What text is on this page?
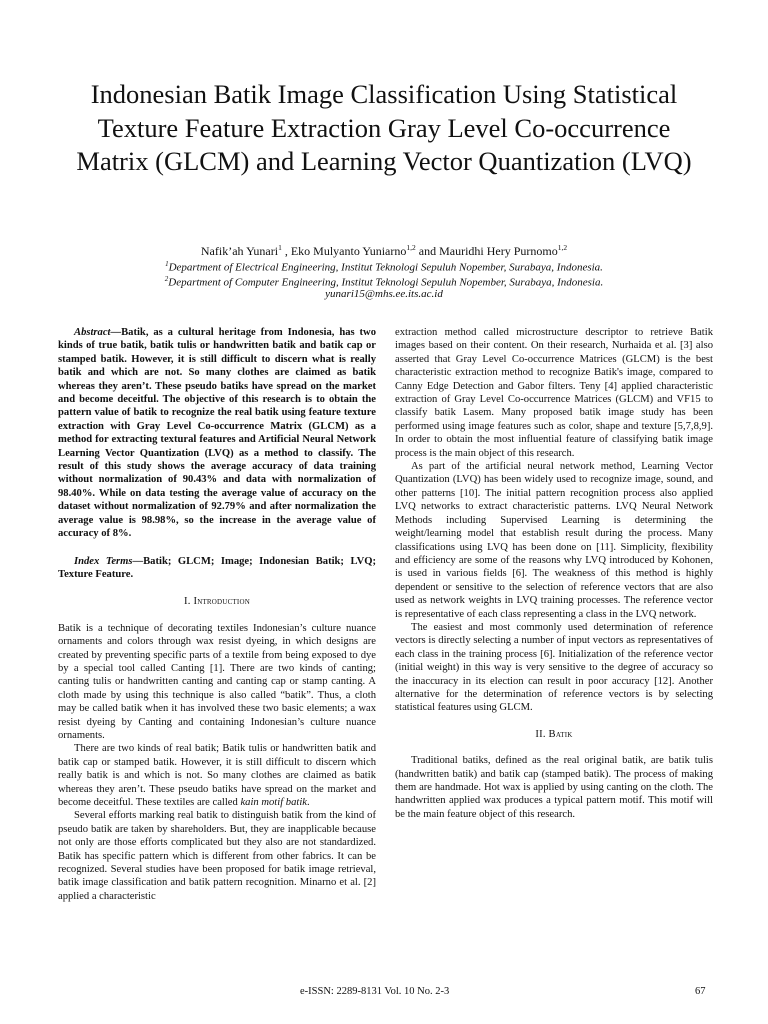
Indonesian Batik Image Classification Using Statistical Texture Feature Extraction Gray Level Co-occurrence Matrix (GLCM) and Learning Vector Quantization (LVQ)
Nafik’ah Yunari$^1$ , Eko Mulyanto Yuniarno$^{1,2}$ and Mauridhi Hery Purnomo$^{1,2}$
$^1$Department of Electrical Engineering, Institut Teknologi Sepuluh Nopember, Surabaya, Indonesia.
$^2$Department of Computer Engineering, Institut Teknologi Sepuluh Nopember, Surabaya, Indonesia.
yunari15@mhs.ee.its.ac.id

Abstract—Batik, as a cultural heritage from Indonesia, has two kinds of true batik, batik tulis or handwritten batik and batik cap or stamped batik. However, it is still difficult to discern what is really batik and which are not. So many clothes are claimed as batik whereas they aren’t. These pseudo batiks have spread on the market and become deceitful. The objective of this research is to obtain the pattern value of batik to recognize the real batik using feature texture extraction with Gray Level Co-occurrence Matrix (GLCM) as a method for extracting textural features and Artificial Neural Network Learning Vector Quantization (LVQ) as a method to classify. The result of this study shows the average accuracy of data training without normalization of 90.43% and data with normalization of 98.40%. While on data testing the average value of accuracy on the dataset without normalization of 92.79% and after normalization the average value is 98.98%, so the increase in the average value of accuracy of 8%.

Index Terms—Batik; GLCM; Image; Indonesian Batik; LVQ; Texture Feature.

I. Introduction

Batik is a technique of decorating textiles Indonesian’s culture nuance ornaments and colors through wax resist dyeing, in which designs are created by preventing specific parts of a textile from being exposed to dye by a special tool called Canting [1]. There are two kinds of canting; canting tulis or handwritten canting and canting cap or stamp canting. A cloth made by using this technique is also called “batik”. Thus, a cloth may be called batik when it has involved these two basic elements; a wax resist dyeing by Canting and containing Indonesian’s culture nuance ornaments.

There are two kinds of real batik; Batik tulis or handwritten batik and batik cap or stamped batik. However, it is still difficult to discern which really batik is and which is not. So many clothes are claimed as batik whereas they aren’t. These pseudo batiks have spread on the market and become deceitful. These textiles are called kain motif batik.

Several efforts marking real batik to distinguish batik from the kind of pseudo batik are taken by shareholders. But, they are inapplicable because not only are those efforts complicated but they also are not standardized. Batik has specific pattern which is different from other fabrics. It can be recognized. Several studies have been proposed for batik image retrieval, batik image classification and batik pattern recognition. Minarno et al. [2] applied a characteristic

extraction method called microstructure descriptor to retrieve Batik images based on their content. On their research, Nurhaida et al. [3] also asserted that Gray Level Co-occurrence Matrices (GLCM) is the best characteristic extraction method to recognize Batik's image, compared to Canny Edge Detection and Gabor filters. Teny [4] applied characteristic extraction of Gray Level Co-occurrence Matrices (GLCM) and VF15 to classify batik Lasem. Many proposed batik image study has been performed using image features such as color, shape and texture [5,7,8,9]. In order to obtain the most influential feature of classifying batik image process is the main object of this research.

As part of the artificial neural network method, Learning Vector Quantization (LVQ) has been widely used to recognize image, sound, and other patterns [10]. The initial pattern recognition process also applied LVQ networks to extract characteristic patterns. LVQ Neural Network Methods including Supervised Learning is determining the weight/learning model that establish result during the process. Many classifications using LVQ has been done on [11]. Simplicity, flexibility and efficiency are some of the reasons why LVQ introduced by Kohonen, is used in various fields [6]. The weakness of this method is highly dependent or sensitive to the selection of reference vectors that are also used as network weights in LVQ training processes. The reference vector is representative of each class representing a class in the LVQ network.

The easiest and most commonly used determination of reference vectors is directly selecting a number of input vectors as representatives of each class in the training process [6]. Initialization of the reference vector (initial weight) in this way is very sensitive to the degree of accuracy so the inaccuracy in its election can result in poor accuracy [12]. Another alternative for the determination of reference vectors is by selecting statistical features using GLCM.

II. Batik

Traditional batiks, defined as the real original batik, are batik tulis (handwritten batik) and batik cap (stamped batik). The process of making them are handmade. Hot wax is applied by using canting on the cloth. The handwritten applied wax produces a typical pattern motif. This motif will be the main feature object of this research.

e-ISSN: 2289-8131 Vol. 10 No. 2-3	67
